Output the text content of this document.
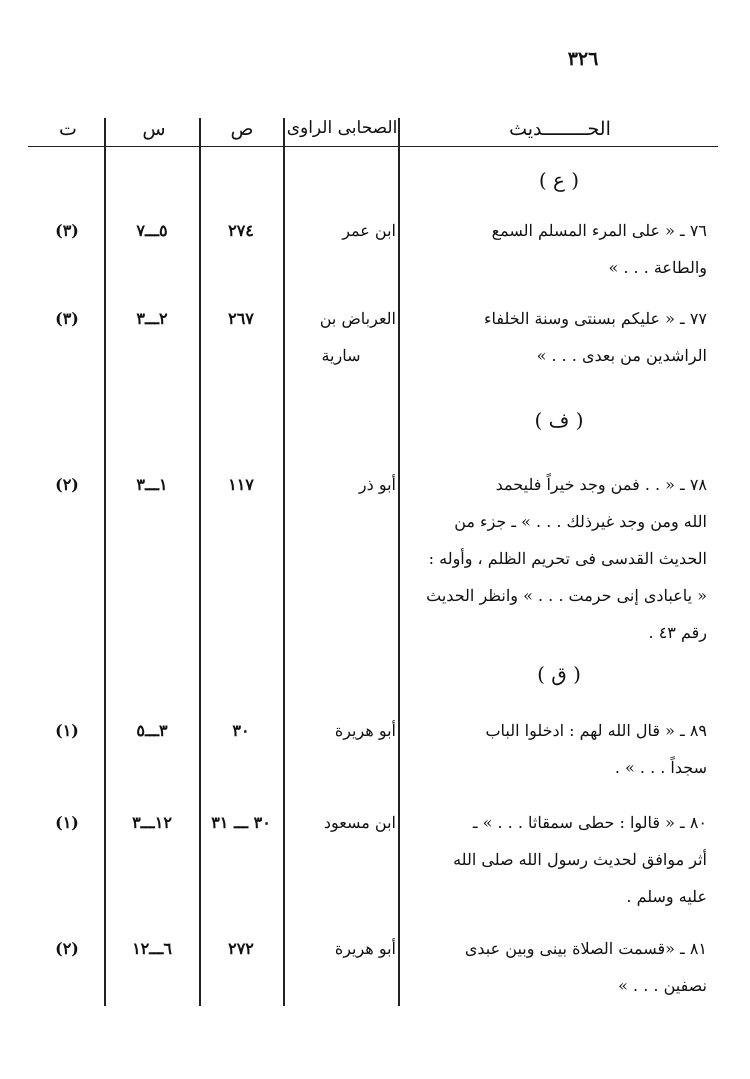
٣٢٦
الحــــــــديث
الصحابى الراوى
ص
س
ت
( ع )
( ف )
( ق )
٧٦ ـ « على المرء المسلم السمع
والطاعة . . . »
ابن عمر
٢٧٤
٥ـــ٧
(٣)
٧٧ ـ « عليكم بسنتى وسنة الخلفاء
الراشدين من بعدى . . . »
العرباض بن
سارية
٢٦٧
٢ـــ٣
(٣)
٧٨ ـ « . . فمن وجد خيراً فليحمد
الله ومن وجد غيرذلك . . . » ـ جزء من
الحديث القدسى فى تحريم الظلم ، وأوله :
« ياعبادى إنى حرمت . . . » وانظر الحديث
رقم ٤٣ .
أبو ذر
١١٧
١ـــ٣
(٢)
٨٩ ـ « قال الله لهم : ادخلوا الباب
سجداً . . . » .
أبو هريرة
٣٠
٣ـــ٥
(١)
٨٠ ـ « قالوا : حطى سمقاثا . . . » ـ
أثر موافق لحديث رسول الله صلى الله
عليه وسلم .
ابن مسعود
٣٠ ـــ ٣١
١٢ـــ٣
(١)
٨١ ـ «قسمت الصلاة بينى وبين عبدى
نصفين . . . »
أبو هريرة
٢٧٢
٦ـــ١٢
(٢)
